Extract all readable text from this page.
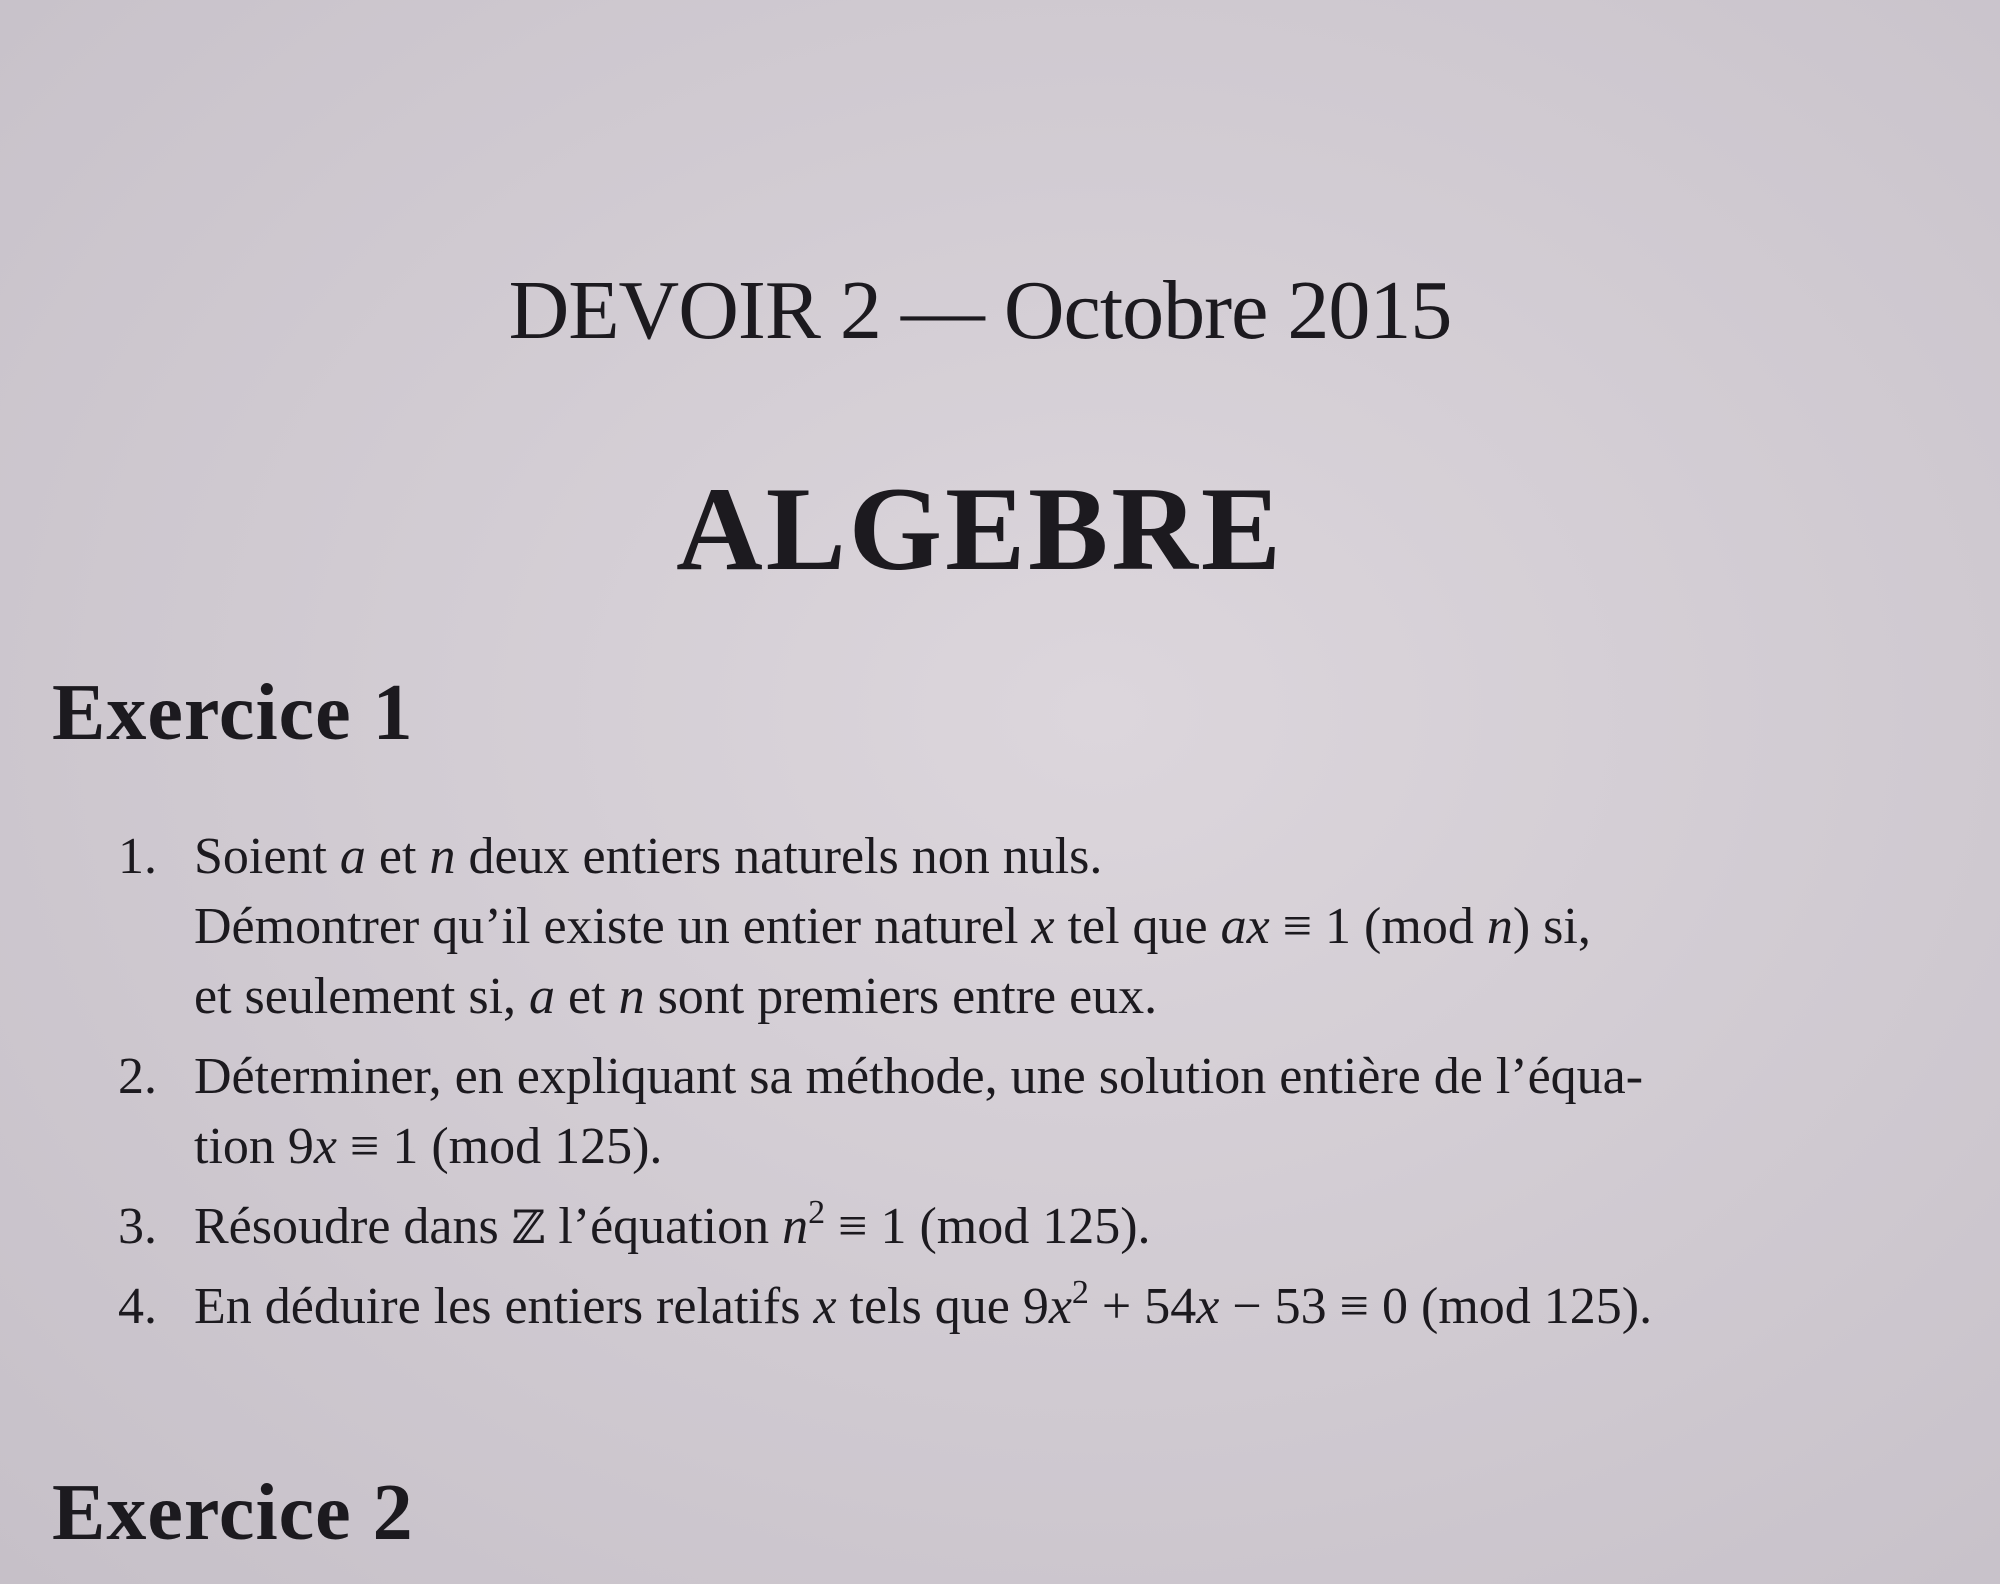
DEVOIR 2 — Octobre 2015
ALGEBRE
Exercice 1
1. Soient a et n deux entiers naturels non nuls.
Démontrer qu’il existe un entier naturel x tel que ax ≡ 1 (mod n) si,
et seulement si, a et n sont premiers entre eux.
2. Déterminer, en expliquant sa méthode, une solution entière de l’équa-
tion 9x ≡ 1 (mod 125).
3. Résoudre dans ℤ l’équation $n^2 \equiv 1$ (mod 125).
4. En déduire les entiers relatifs x tels que $9x^2 + 54x - 53 \equiv 0$ (mod 125).
Exercice 2
